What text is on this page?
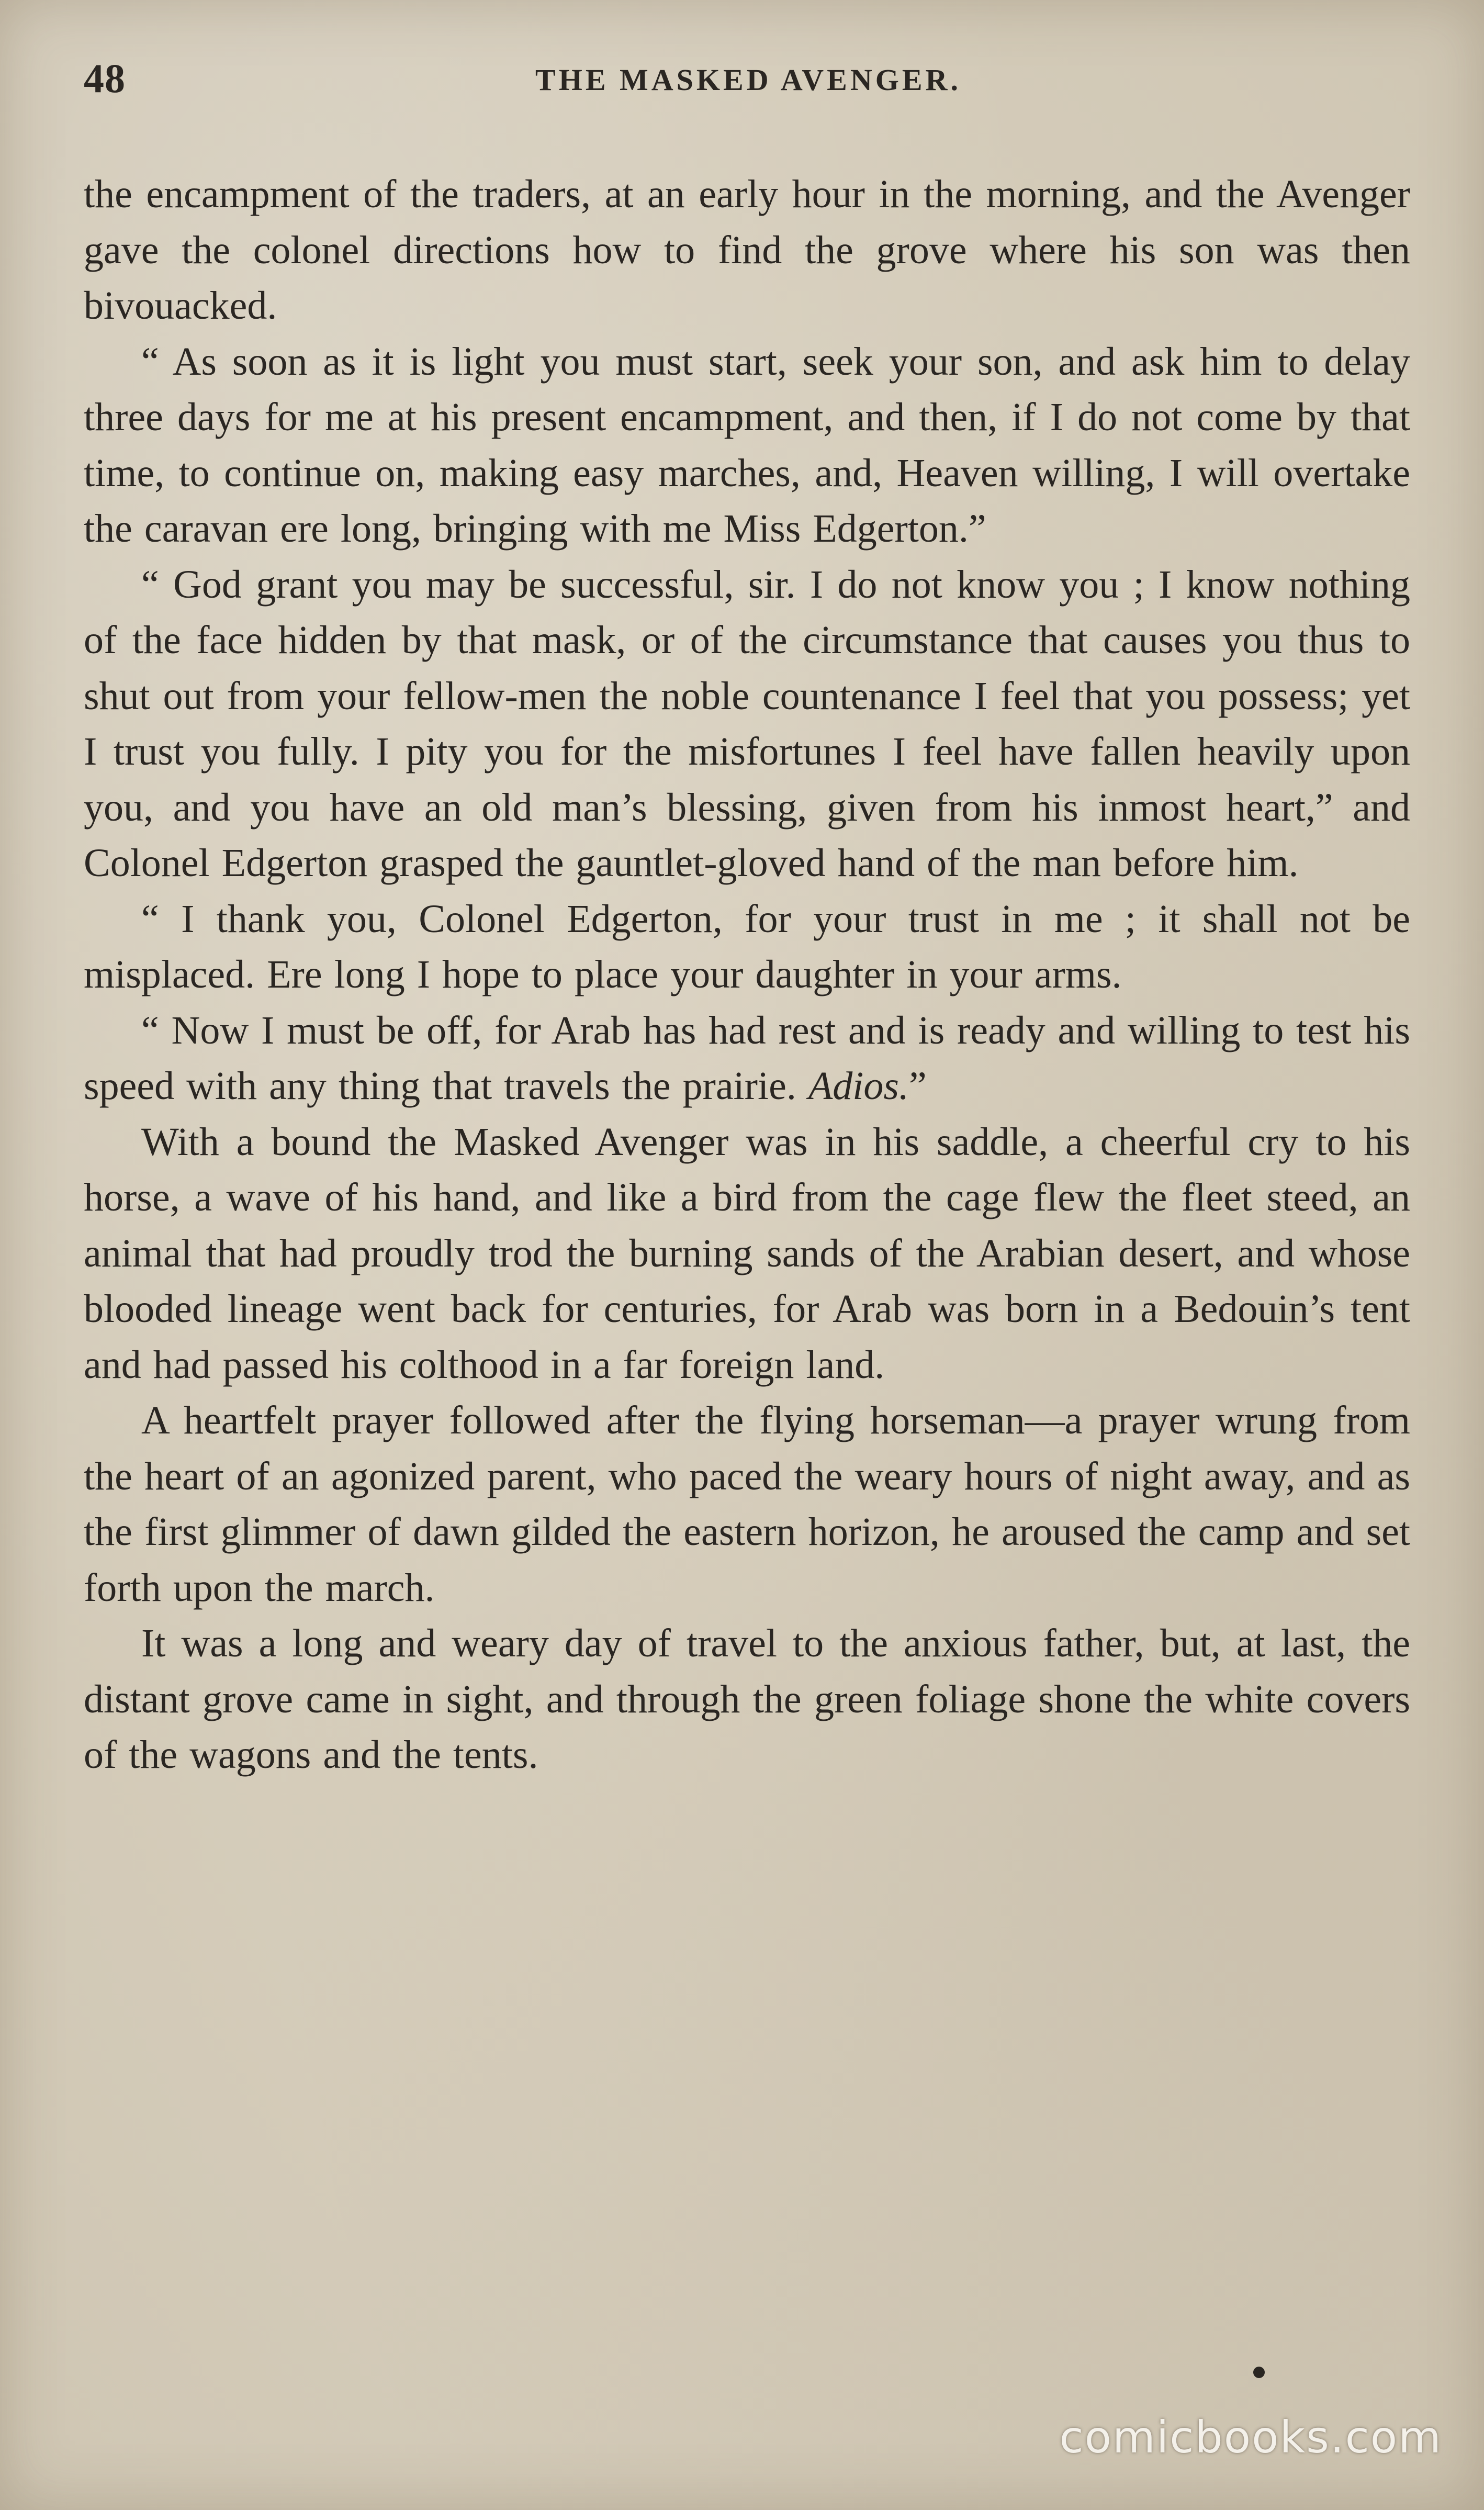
48	THE MASKED AVENGER.

the encampment of the traders, at an early hour in the morning, and the Avenger gave the colonel directions how to find the grove where his son was then bivouacked.

“ As soon as it is light you must start, seek your son, and ask him to delay three days for me at his present encampment, and then, if I do not come by that time, to continue on, making easy marches, and, Heaven willing, I will overtake the caravan ere long, bringing with me Miss Edgerton.”

“ God grant you may be successful, sir. I do not know you ; I know nothing of the face hidden by that mask, or of the circumstance that causes you thus to shut out from your fellow-men the noble countenance I feel that you possess; yet I trust you fully. I pity you for the misfortunes I feel have fallen heavily upon you, and you have an old man’s blessing, given from his inmost heart,” and Colonel Edgerton grasped the gauntlet-gloved hand of the man before him.

“ I thank you, Colonel Edgerton, for your trust in me ; it shall not be misplaced. Ere long I hope to place your daughter in your arms.

“ Now I must be off, for Arab has had rest and is ready and willing to test his speed with any thing that travels the prairie. Adios.”

With a bound the Masked Avenger was in his saddle, a cheerful cry to his horse, a wave of his hand, and like a bird from the cage flew the fleet steed, an animal that had proudly trod the burning sands of the Arabian desert, and whose blooded lineage went back for centuries, for Arab was born in a Bedouin’s tent and had passed his colthood in a far foreign land.

A heartfelt prayer followed after the flying horseman—a prayer wrung from the heart of an agonized parent, who paced the weary hours of night away, and as the first glimmer of dawn gilded the eastern horizon, he aroused the camp and set forth upon the march.

It was a long and weary day of travel to the anxious father, but, at last, the distant grove came in sight, and through the green foliage shone the white covers of the wagons and the tents.

comicbooks.com
